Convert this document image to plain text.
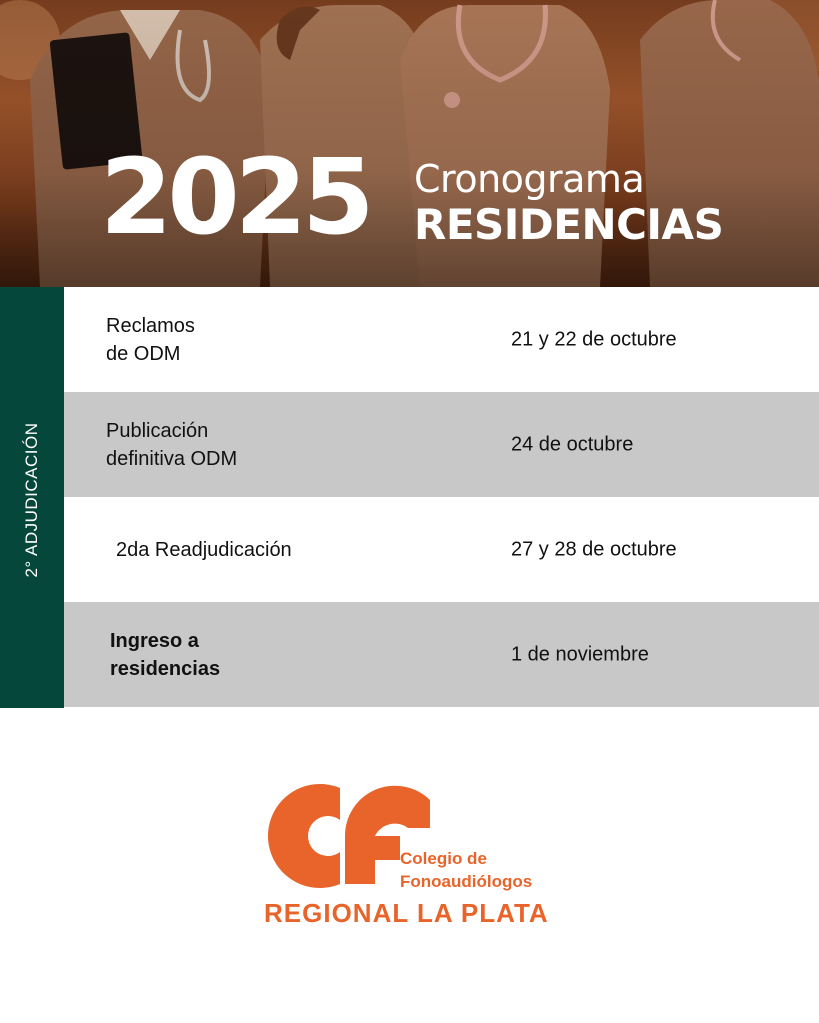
2025 Cronograma
RESIDENCIAS
2° ADJUDICACIÓN
Reclamos
de ODM
21 y 22 de octubre
Publicación
definitiva ODM
24 de octubre
2da Readjudicación	27 y 28 de octubre
Ingreso a
residencias
1 de noviembre
Colegio de
Fonoaudiólogos
REGIONAL LA PLATA
